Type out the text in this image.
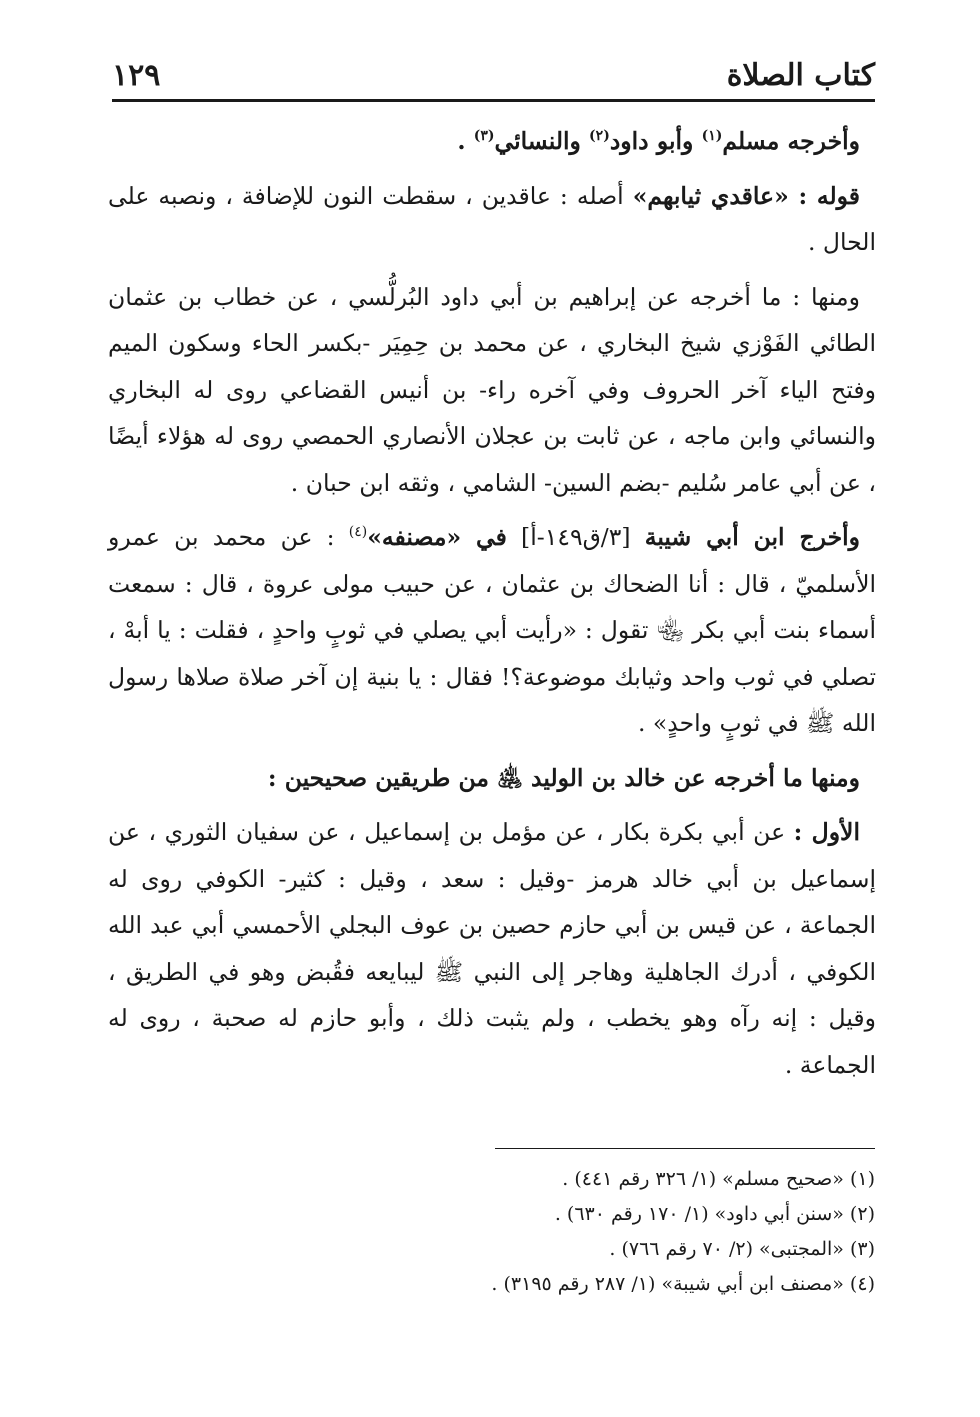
١٢٩	كتاب الصلاة

وأخرجه مسلم$^{(١)}$ وأبو داود$^{(٢)}$ والنسائي$^{(٣)}$ .

قوله : «عاقدي ثيابهم» أصله : عاقدين ، سقطت النون للإضافة ، ونصبه على الحال .

ومنها : ما أخرجه عن إبراهيم بن أبي داود البُرلُّسي ، عن خطاب بن عثمان الطائي الفَوْزي شيخ البخاري ، عن محمد بن حِمِيَر -بكسر الحاء وسكون الميم وفتح الياء آخر الحروف وفي آخره راء- بن أنيس القضاعي روى له البخاري والنسائي وابن ماجه ، عن ثابت بن عجلان الأنصاري الحمصي روى له هؤلاء أيضًا ، عن أبي عامر سُليم -بضم السين- الشامي ، وثقه ابن حبان .

وأخرج ابن أبي شيبة [٣/ق١٤٩-أ] في «مصنفه»$^{(٤)}$ : عن محمد بن عمرو الأسلميّ ، قال : أنا الضحاك بن عثمان ، عن حبيب مولى عروة ، قال : سمعت أسماء بنت أبي بكر ﵄ تقول : «رأيت أبي يصلي في ثوبٍ واحدٍ ، فقلت : يا أبهْ ، تصلي في ثوب واحد وثيابك موضوعة؟! فقال : يا بنية إن آخر صلاة صلاها رسول الله ﷺ في ثوبٍ واحدٍ» .

ومنها ما أخرجه عن خالد بن الوليد ﵁ من طريقين صحيحين :

الأول : عن أبي بكرة بكار ، عن مؤمل بن إسماعيل ، عن سفيان الثوري ، عن إسماعيل بن أبي خالد هرمز -وقيل : سعد ، وقيل : كثير- الكوفي روى له الجماعة ، عن قيس بن أبي حازم حصين بن عوف البجلي الأحمسي أبي عبد الله الكوفي ، أدرك الجاهلية وهاجر إلى النبي ﷺ ليبايعه فقُبض وهو في الطريق ، وقيل : إنه رآه وهو يخطب ، ولم يثبت ذلك ، وأبو حازم له صحبة ، روى له الجماعة .

(١) «صحيح مسلم» (١/ ٣٢٦ رقم ٤٤١) .
(٢) «سنن أبي داود» (١/ ١٧٠ رقم ٦٣٠) .
(٣) «المجتبى» (٢/ ٧٠ رقم ٧٦٦) .
(٤) «مصنف ابن أبي شيبة» (١/ ٢٨٧ رقم ٣١٩٥) .
